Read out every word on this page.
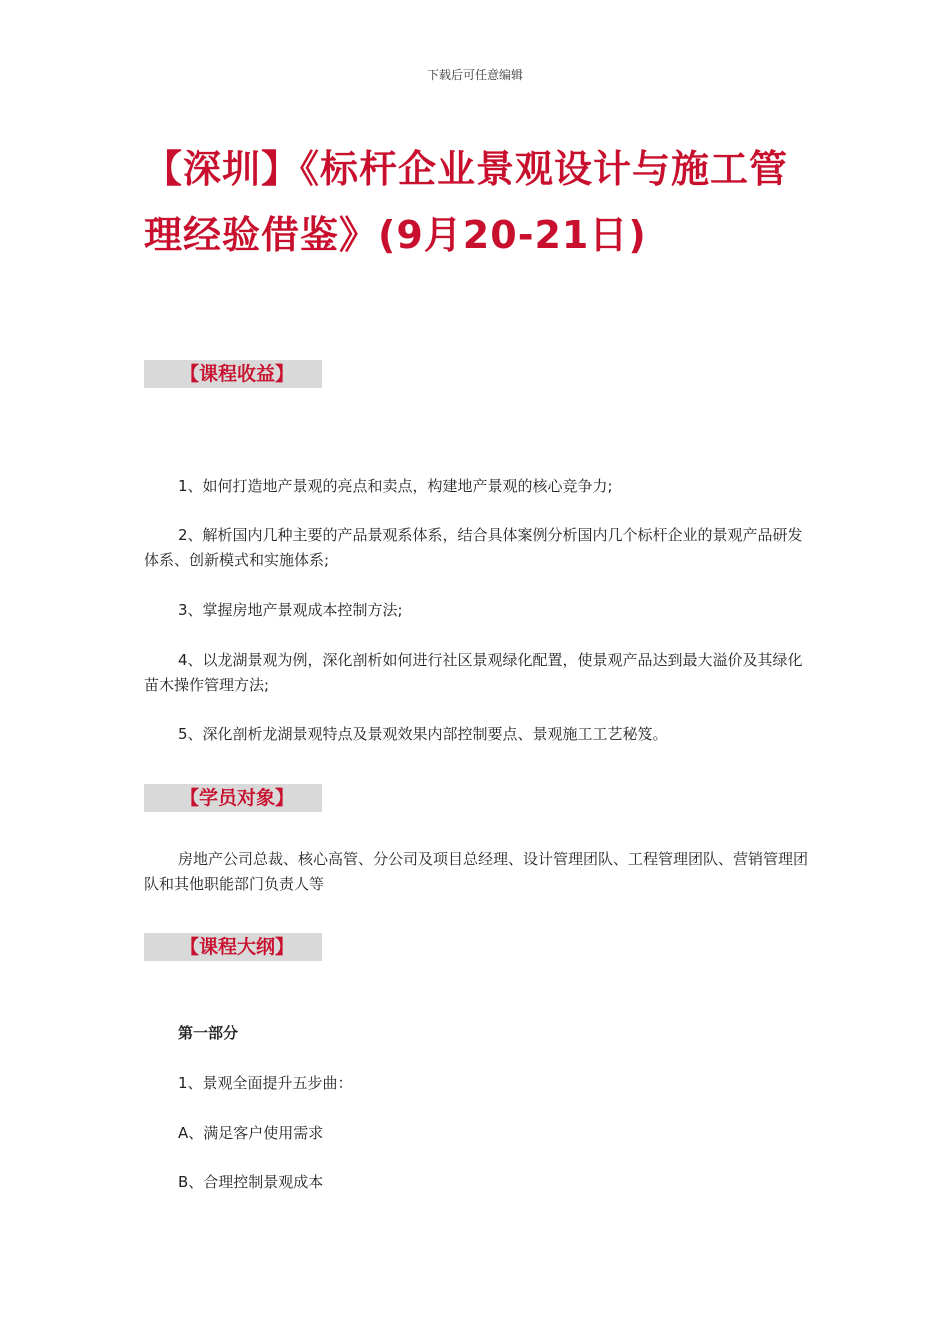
下载后可任意编辑
【深圳】《标杆企业景观设计与施工管理经验借鉴》(9月20-21日)
【课程收益】

1、如何打造地产景观的亮点和卖点，构建地产景观的核心竞争力;

2、解析国内几种主要的产品景观系体系，结合具体案例分析国内几个标杆企业的景观产品研发体系、创新模式和实施体系;

3、掌握房地产景观成本控制方法;

4、以龙湖景观为例，深化剖析如何进行社区景观绿化配置，使景观产品达到最大溢价及其绿化苗木操作管理方法;

5、深化剖析龙湖景观特点及景观效果内部控制要点、景观施工工艺秘笈。

【学员对象】

房地产公司总裁、核心高管、分公司及项目总经理、设计管理团队、工程管理团队、营销管理团队和其他职能部门负责人等

【课程大纲】

第一部分

1、景观全面提升五步曲：

A、满足客户使用需求

B、合理控制景观成本
